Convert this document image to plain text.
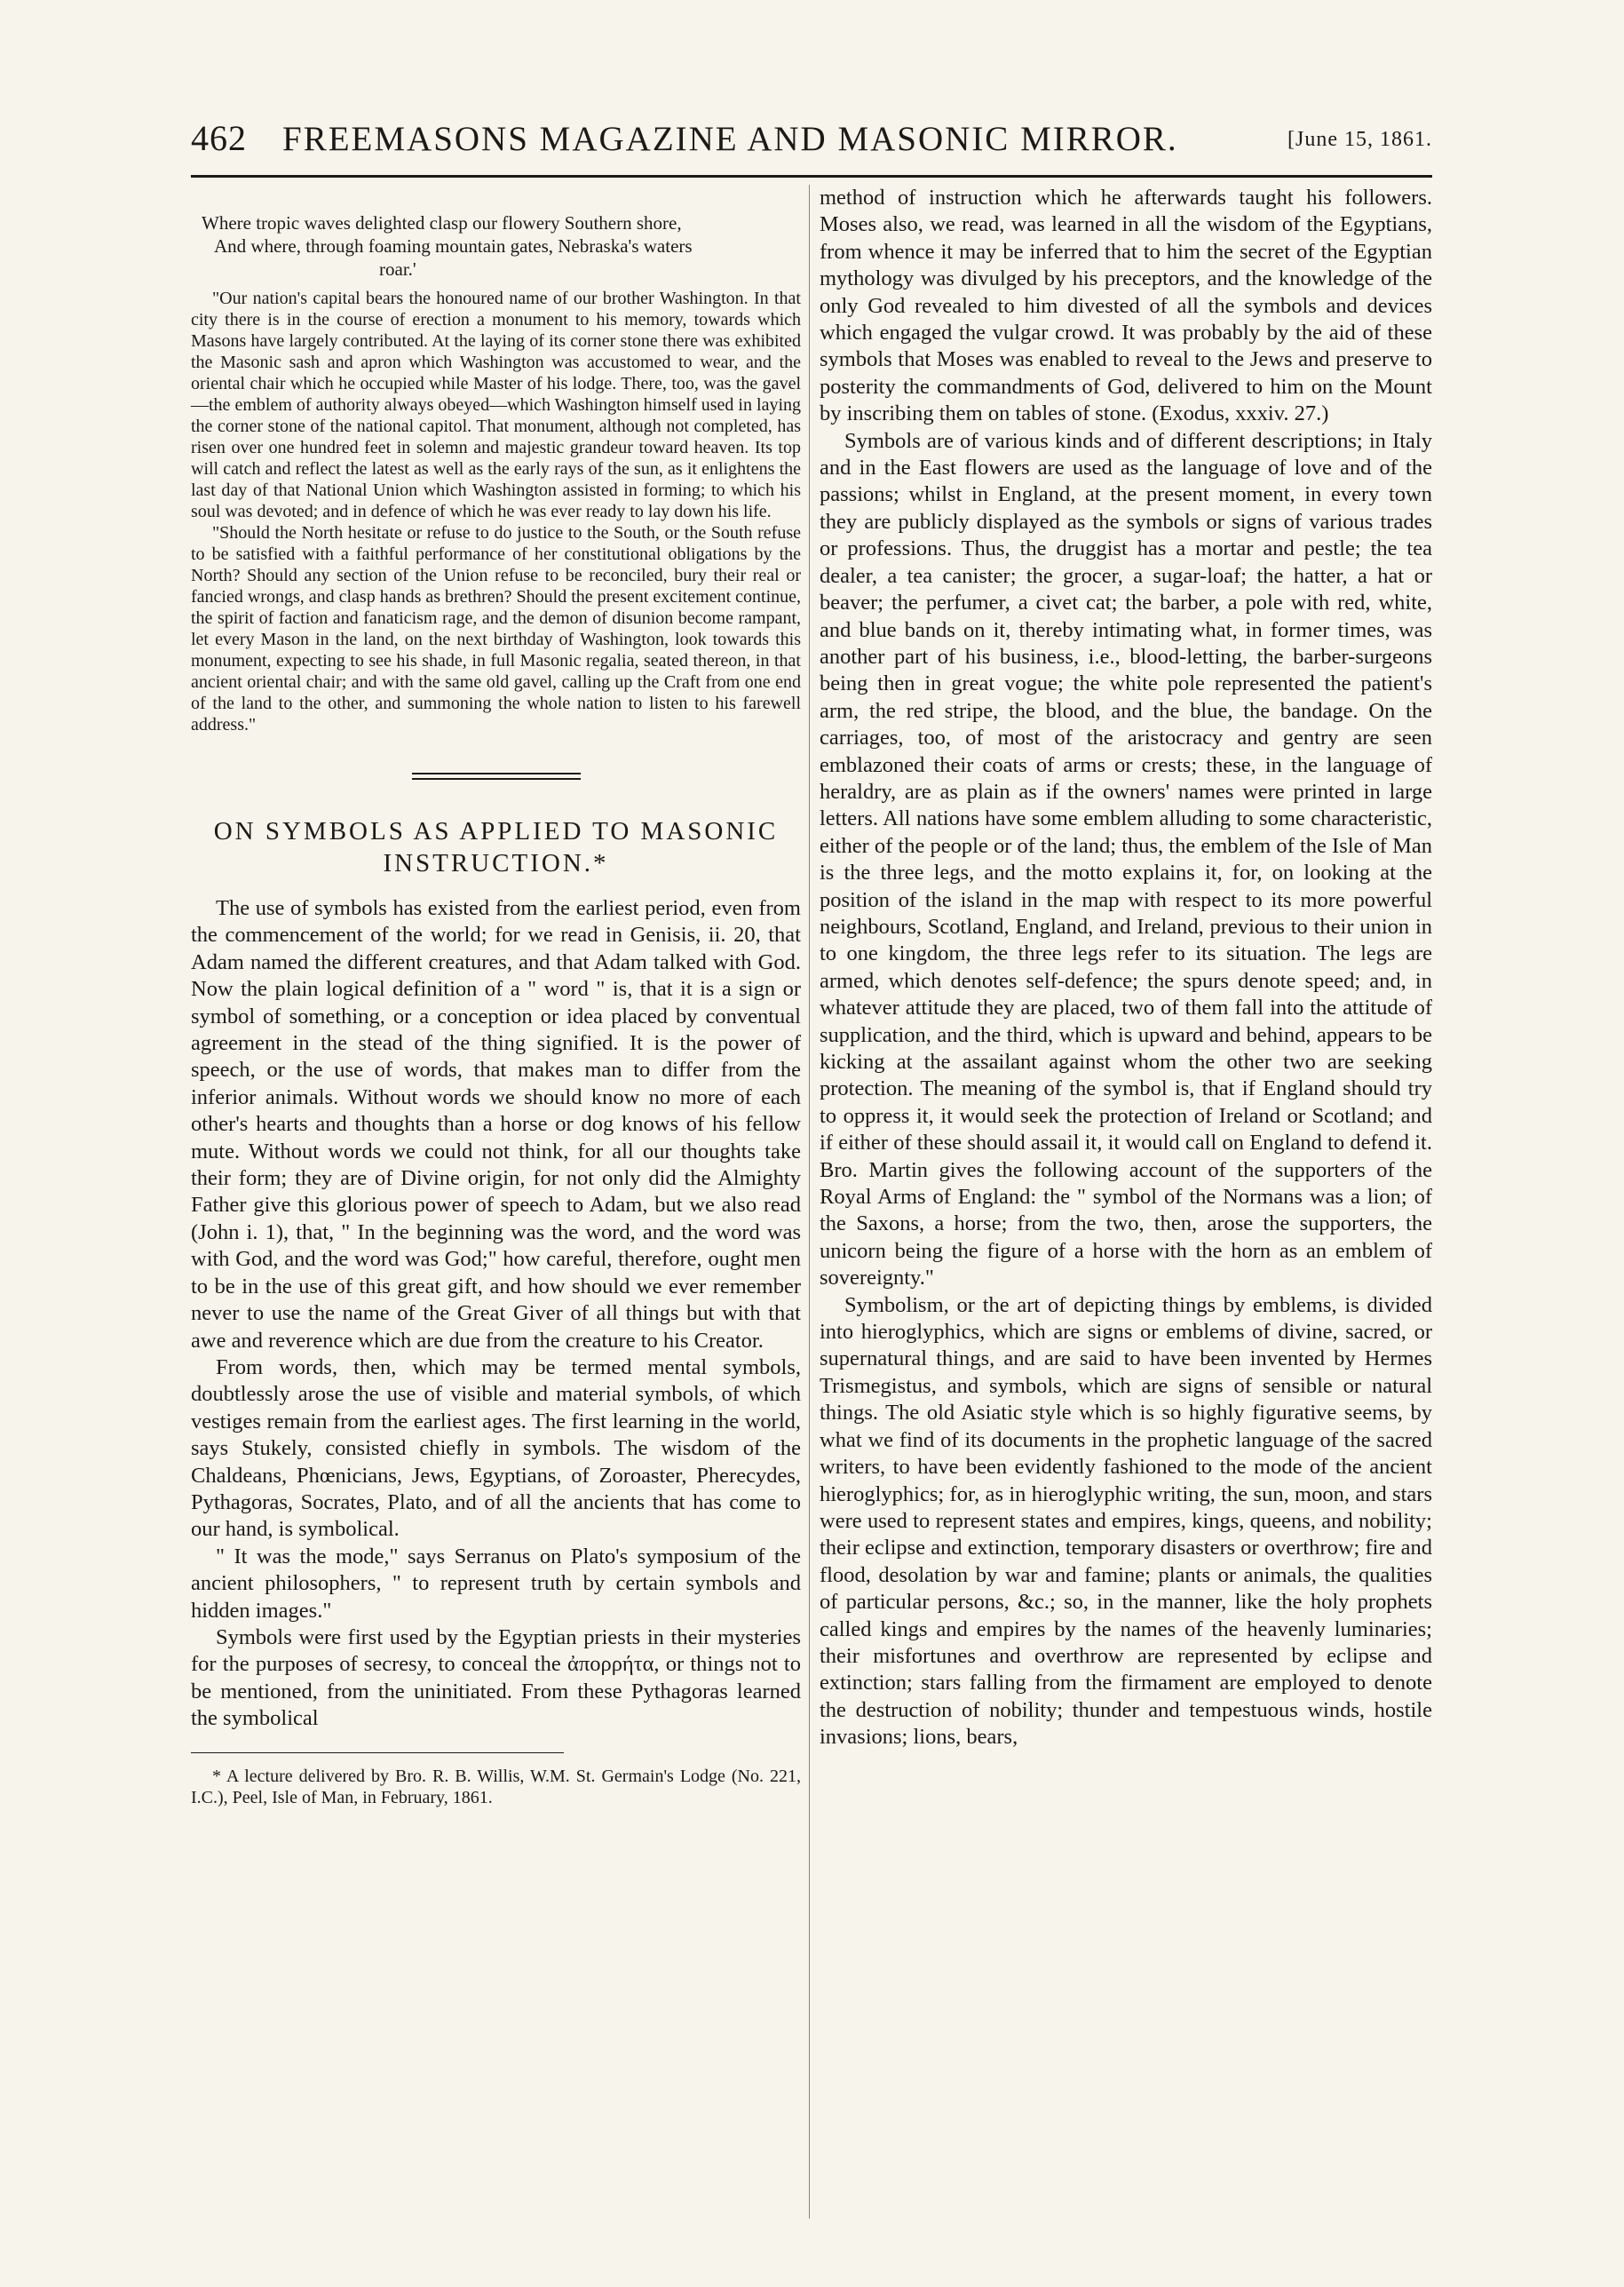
462 FREEMASONS MAGAZINE AND MASONIC MIRROR.	[June 15, 1861.
Where tropic waves delighted clasp our flowery Southern shore,
And where, through foaming mountain gates, Nebraska's waters
roar.'

"Our nation's capital bears the honoured name of our brother Washington. In that city there is in the course of erection a monument to his memory, towards which Masons have largely contributed. At the laying of its corner stone there was exhibited the Masonic sash and apron which Washington was accustomed to wear, and the oriental chair which he occupied while Master of his lodge. There, too, was the gavel—the emblem of authority always obeyed—which Washington himself used in laying the corner stone of the national capitol. That monument, although not completed, has risen over one hundred feet in solemn and majestic grandeur toward heaven. Its top will catch and reflect the latest as well as the early rays of the sun, as it enlightens the last day of that National Union which Washington assisted in forming; to which his soul was devoted; and in defence of which he was ever ready to lay down his life.

"Should the North hesitate or refuse to do justice to the South, or the South refuse to be satisfied with a faithful performance of her constitutional obligations by the North? Should any section of the Union refuse to be reconciled, bury their real or fancied wrongs, and clasp hands as brethren? Should the present excitement continue, the spirit of faction and fanaticism rage, and the demon of disunion become rampant, let every Mason in the land, on the next birthday of Washington, look towards this monument, expecting to see his shade, in full Masonic regalia, seated thereon, in that ancient oriental chair; and with the same old gavel, calling up the Craft from one end of the land to the other, and summoning the whole nation to listen to his farewell address."

ON SYMBOLS AS APPLIED TO MASONIC
INSTRUCTION.*

The use of symbols has existed from the earliest period, even from the commencement of the world; for we read in Genisis, ii. 20, that Adam named the different creatures, and that Adam talked with God. Now the plain logical definition of a " word " is, that it is a sign or symbol of something, or a conception or idea placed by conventual agreement in the stead of the thing signified. It is the power of speech, or the use of words, that makes man to differ from the inferior animals. Without words we should know no more of each other's hearts and thoughts than a horse or dog knows of his fellow mute. Without words we could not think, for all our thoughts take their form; they are of Divine origin, for not only did the Almighty Father give this glorious power of speech to Adam, but we also read (John i. 1), that, " In the beginning was the word, and the word was with God, and the word was God;" how careful, therefore, ought men to be in the use of this great gift, and how should we ever remember never to use the name of the Great Giver of all things but with that awe and reverence which are due from the creature to his Creator.

From words, then, which may be termed mental symbols, doubtlessly arose the use of visible and material symbols, of which vestiges remain from the earliest ages. The first learning in the world, says Stukely, consisted chiefly in symbols. The wisdom of the Chaldeans, Phœnicians, Jews, Egyptians, of Zoroaster, Pherecydes, Pythagoras, Socrates, Plato, and of all the ancients that has come to our hand, is symbolical.

" It was the mode," says Serranus on Plato's symposium of the ancient philosophers, " to represent truth by certain symbols and hidden images."

Symbols were first used by the Egyptian priests in their mysteries for the purposes of secresy, to conceal the ἀπορρήτα, or things not to be mentioned, from the uninitiated. From these Pythagoras learned the symbolical

* A lecture delivered by Bro. R. B. Willis, W.M. St. Germain's Lodge (No. 221, I.C.), Peel, Isle of Man, in February, 1861.

method of instruction which he afterwards taught his followers. Moses also, we read, was learned in all the wisdom of the Egyptians, from whence it may be inferred that to him the secret of the Egyptian mythology was divulged by his preceptors, and the knowledge of the only God revealed to him divested of all the symbols and devices which engaged the vulgar crowd. It was probably by the aid of these symbols that Moses was enabled to reveal to the Jews and preserve to posterity the commandments of God, delivered to him on the Mount by inscribing them on tables of stone. (Exodus, xxxiv. 27.)

Symbols are of various kinds and of different descriptions; in Italy and in the East flowers are used as the language of love and of the passions; whilst in England, at the present moment, in every town they are publicly displayed as the symbols or signs of various trades or professions. Thus, the druggist has a mortar and pestle; the tea dealer, a tea canister; the grocer, a sugar-loaf; the hatter, a hat or beaver; the perfumer, a civet cat; the barber, a pole with red, white, and blue bands on it, thereby intimating what, in former times, was another part of his business, i.e., blood-letting, the barber-surgeons being then in great vogue; the white pole represented the patient's arm, the red stripe, the blood, and the blue, the bandage. On the carriages, too, of most of the aristocracy and gentry are seen emblazoned their coats of arms or crests; these, in the language of heraldry, are as plain as if the owners' names were printed in large letters. All nations have some emblem alluding to some characteristic, either of the people or of the land; thus, the emblem of the Isle of Man is the three legs, and the motto explains it, for, on looking at the position of the island in the map with respect to its more powerful neighbours, Scotland, England, and Ireland, previous to their union in to one kingdom, the three legs refer to its situation. The legs are armed, which denotes self-defence; the spurs denote speed; and, in whatever attitude they are placed, two of them fall into the attitude of supplication, and the third, which is upward and behind, appears to be kicking at the assailant against whom the other two are seeking protection. The meaning of the symbol is, that if England should try to oppress it, it would seek the protection of Ireland or Scotland; and if either of these should assail it, it would call on England to defend it. Bro. Martin gives the following account of the supporters of the Royal Arms of England: the " symbol of the Normans was a lion; of the Saxons, a horse; from the two, then, arose the supporters, the unicorn being the figure of a horse with the horn as an emblem of sovereignty."

Symbolism, or the art of depicting things by emblems, is divided into hieroglyphics, which are signs or emblems of divine, sacred, or supernatural things, and are said to have been invented by Hermes Trismegistus, and symbols, which are signs of sensible or natural things. The old Asiatic style which is so highly figurative seems, by what we find of its documents in the prophetic language of the sacred writers, to have been evidently fashioned to the mode of the ancient hieroglyphics; for, as in hieroglyphic writing, the sun, moon, and stars were used to represent states and empires, kings, queens, and nobility; their eclipse and extinction, temporary disasters or overthrow; fire and flood, desolation by war and famine; plants or animals, the qualities of particular persons, &c.; so, in the manner, like the holy prophets called kings and empires by the names of the heavenly luminaries; their misfortunes and overthrow are represented by eclipse and extinction; stars falling from the firmament are employed to denote the destruction of nobility; thunder and tempestuous winds, hostile invasions; lions, bears,
